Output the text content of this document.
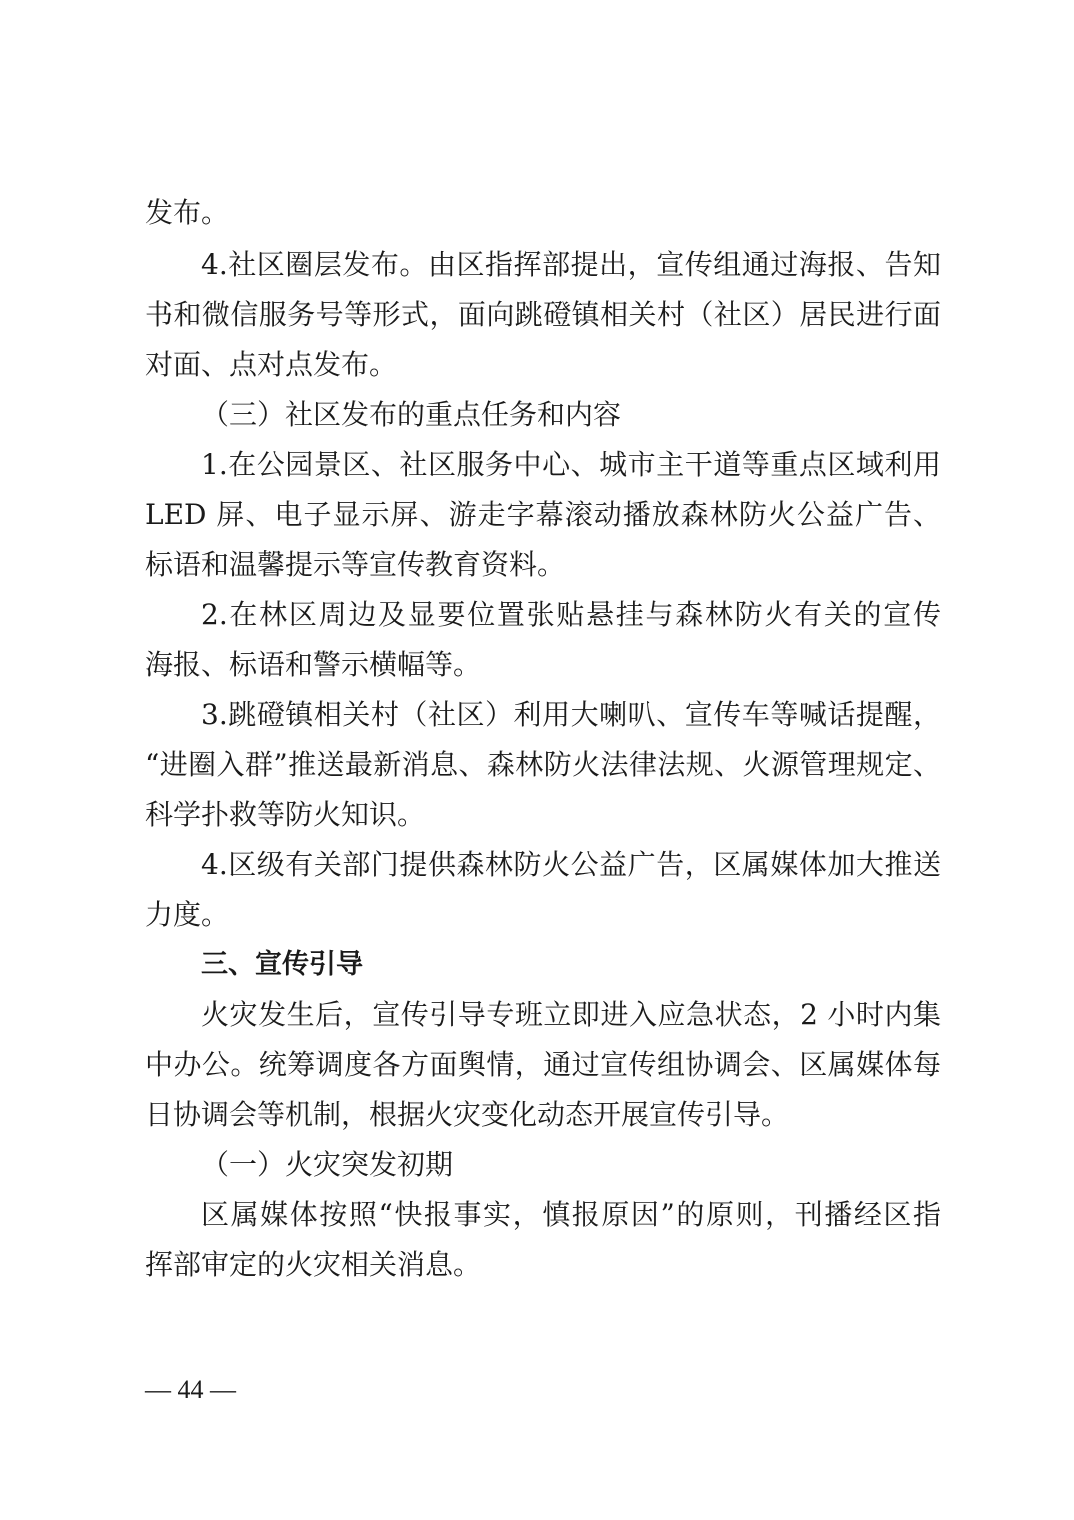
发布。
4.社区圈层发布。由区指挥部提出，宣传组通过海报、告知
书和微信服务号等形式，面向跳磴镇相关村（社区）居民进行面
对面、点对点发布。
（三）社区发布的重点任务和内容
1.在公园景区、社区服务中心、城市主干道等重点区域利用
LED 屏、电子显示屏、游走字幕滚动播放森林防火公益广告、
标语和温馨提示等宣传教育资料。
2.在林区周边及显要位置张贴悬挂与森林防火有关的宣传
海报、标语和警示横幅等。
3.跳磴镇相关村（社区）利用大喇叭、宣传车等喊话提醒，
“进圈入群”推送最新消息、森林防火法律法规、火源管理规定、
科学扑救等防火知识。
4.区级有关部门提供森林防火公益广告，区属媒体加大推送
力度。
三、宣传引导
火灾发生后，宣传引导专班立即进入应急状态，2 小时内集
中办公。统筹调度各方面舆情，通过宣传组协调会、区属媒体每
日协调会等机制，根据火灾变化动态开展宣传引导。
（一）火灾突发初期
区属媒体按照“快报事实，慎报原因”的原则，刊播经区指
挥部审定的火灾相关消息。
— 44 —
